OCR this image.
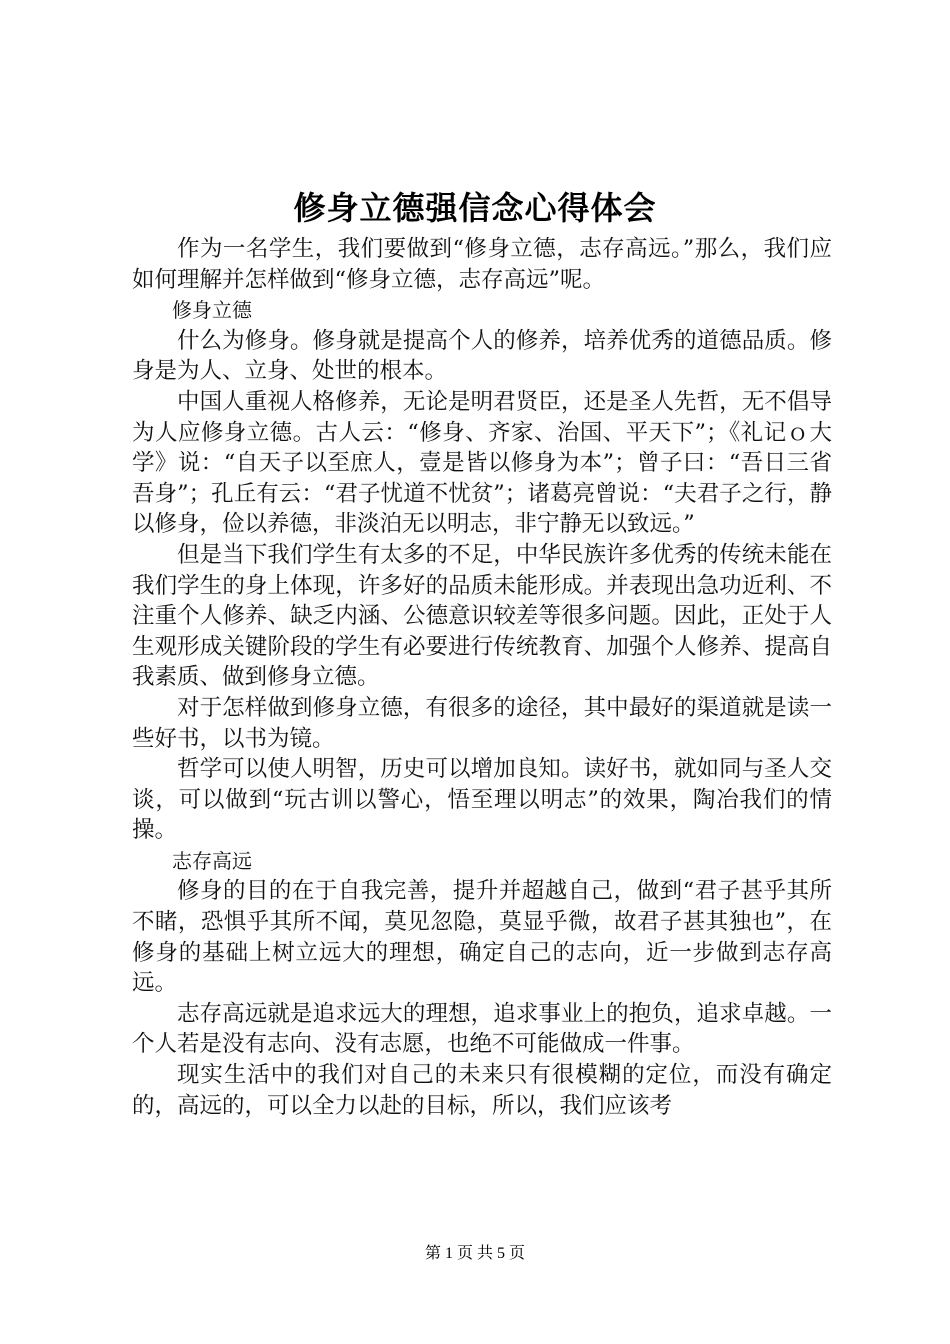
修身立德强信念心得体会

作为一名学生，我们要做到“修身立德，志存高远。”那么，我们应如何理解并怎样做到“修身立德，志存高远”呢。

修身立德

什么为修身。修身就是提高个人的修养，培养优秀的道德品质。修身是为人、立身、处世的根本。

中国人重视人格修养，无论是明君贤臣，还是圣人先哲，无不倡导为人应修身立德。古人云：“修身、齐家、治国、平天下”；《礼记ｏ大学》说：“自天子以至庶人，壹是皆以修身为本”；曾子曰：“吾日三省吾身”；孔丘有云：“君子忧道不忧贫”；诸葛亮曾说：“夫君子之行，静以修身，俭以养德，非淡泊无以明志，非宁静无以致远。”

但是当下我们学生有太多的不足，中华民族许多优秀的传统未能在我们学生的身上体现，许多好的品质未能形成。并表现出急功近利、不注重个人修养、缺乏内涵、公德意识较差等很多问题。因此，正处于人生观形成关键阶段的学生有必要进行传统教育、加强个人修养、提高自我素质、做到修身立德。

对于怎样做到修身立德，有很多的途径，其中最好的渠道就是读一些好书，以书为镜。

哲学可以使人明智，历史可以增加良知。读好书，就如同与圣人交谈，可以做到“玩古训以警心，悟至理以明志”的效果，陶冶我们的情操。

志存高远

修身的目的在于自我完善，提升并超越自己，做到“君子甚乎其所不睹，恐惧乎其所不闻，莫见忽隐，莫显乎微，故君子甚其独也”，在修身的基础上树立远大的理想，确定自己的志向，近一步做到志存高远。

志存高远就是追求远大的理想，追求事业上的抱负，追求卓越。一个人若是没有志向、没有志愿，也绝不可能做成一件事。

现实生活中的我们对自己的未来只有很模糊的定位，而没有确定的，高远的，可以全力以赴的目标，所以，我们应该考

第 1 页 共 5 页
